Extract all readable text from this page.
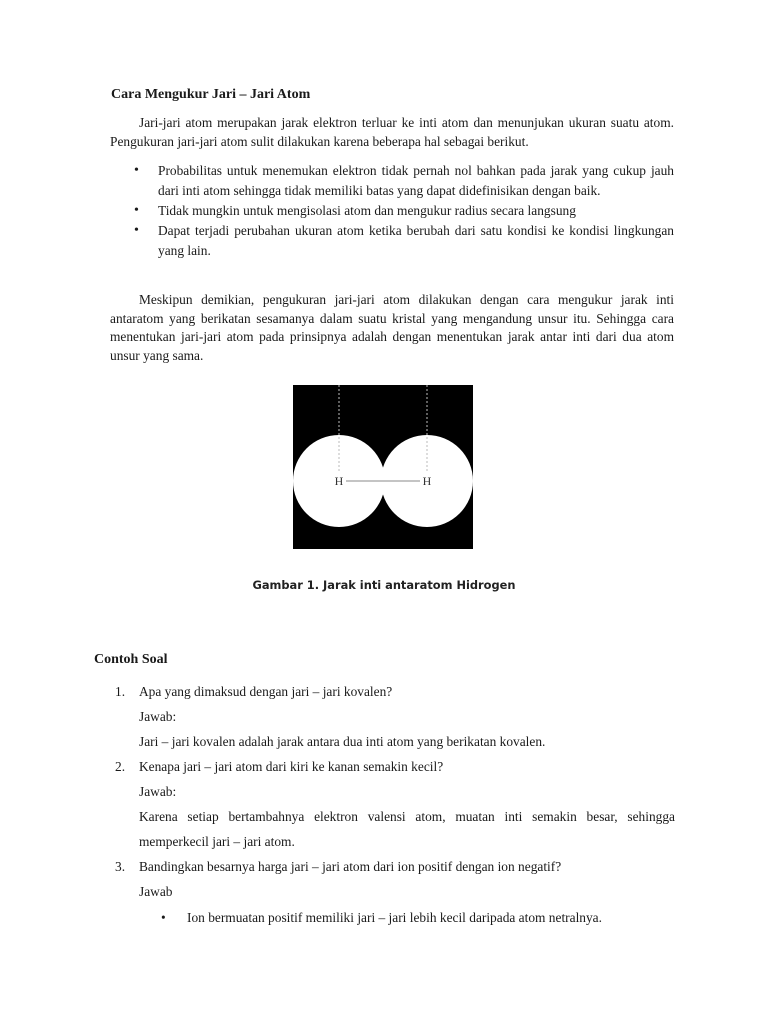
Cara Mengukur Jari – Jari Atom

Jari-jari atom merupakan jarak elektron terluar ke inti atom dan menunjukan ukuran suatu atom. Pengukuran jari-jari atom sulit dilakukan karena beberapa hal sebagai berikut.

• Probabilitas untuk menemukan elektron tidak pernah nol bahkan pada jarak yang cukup jauh dari inti atom sehingga tidak memiliki batas yang dapat didefinisikan dengan baik.
• Tidak mungkin untuk mengisolasi atom dan mengukur radius secara langsung
• Dapat terjadi perubahan ukuran atom ketika berubah dari satu kondisi ke kondisi lingkungan yang lain.

Meskipun demikian, pengukuran jari-jari atom dilakukan dengan cara mengukur jarak inti antaratom yang berikatan sesamanya dalam suatu kristal yang mengandung unsur itu. Sehingga cara menentukan jari-jari atom pada prinsipnya adalah dengan menentukan jarak antar inti dari dua atom unsur yang sama.

H	H
Gambar 1. Jarak inti antaratom Hidrogen
Contoh Soal
1. Apa yang dimaksud dengan jari – jari kovalen?
Jawab:

Jari – jari kovalen adalah jarak antara dua inti atom yang berikatan kovalen.

2. Kenapa jari – jari atom dari kiri ke kanan semakin kecil?
Jawab:

Karena setiap bertambahnya elektron valensi atom, muatan inti semakin besar, sehingga memperkecil jari – jari atom.

3. Bandingkan besarnya harga jari – jari atom dari ion positif dengan ion negatif?
Jawab
• Ion bermuatan positif memiliki jari – jari lebih kecil daripada atom netralnya.
